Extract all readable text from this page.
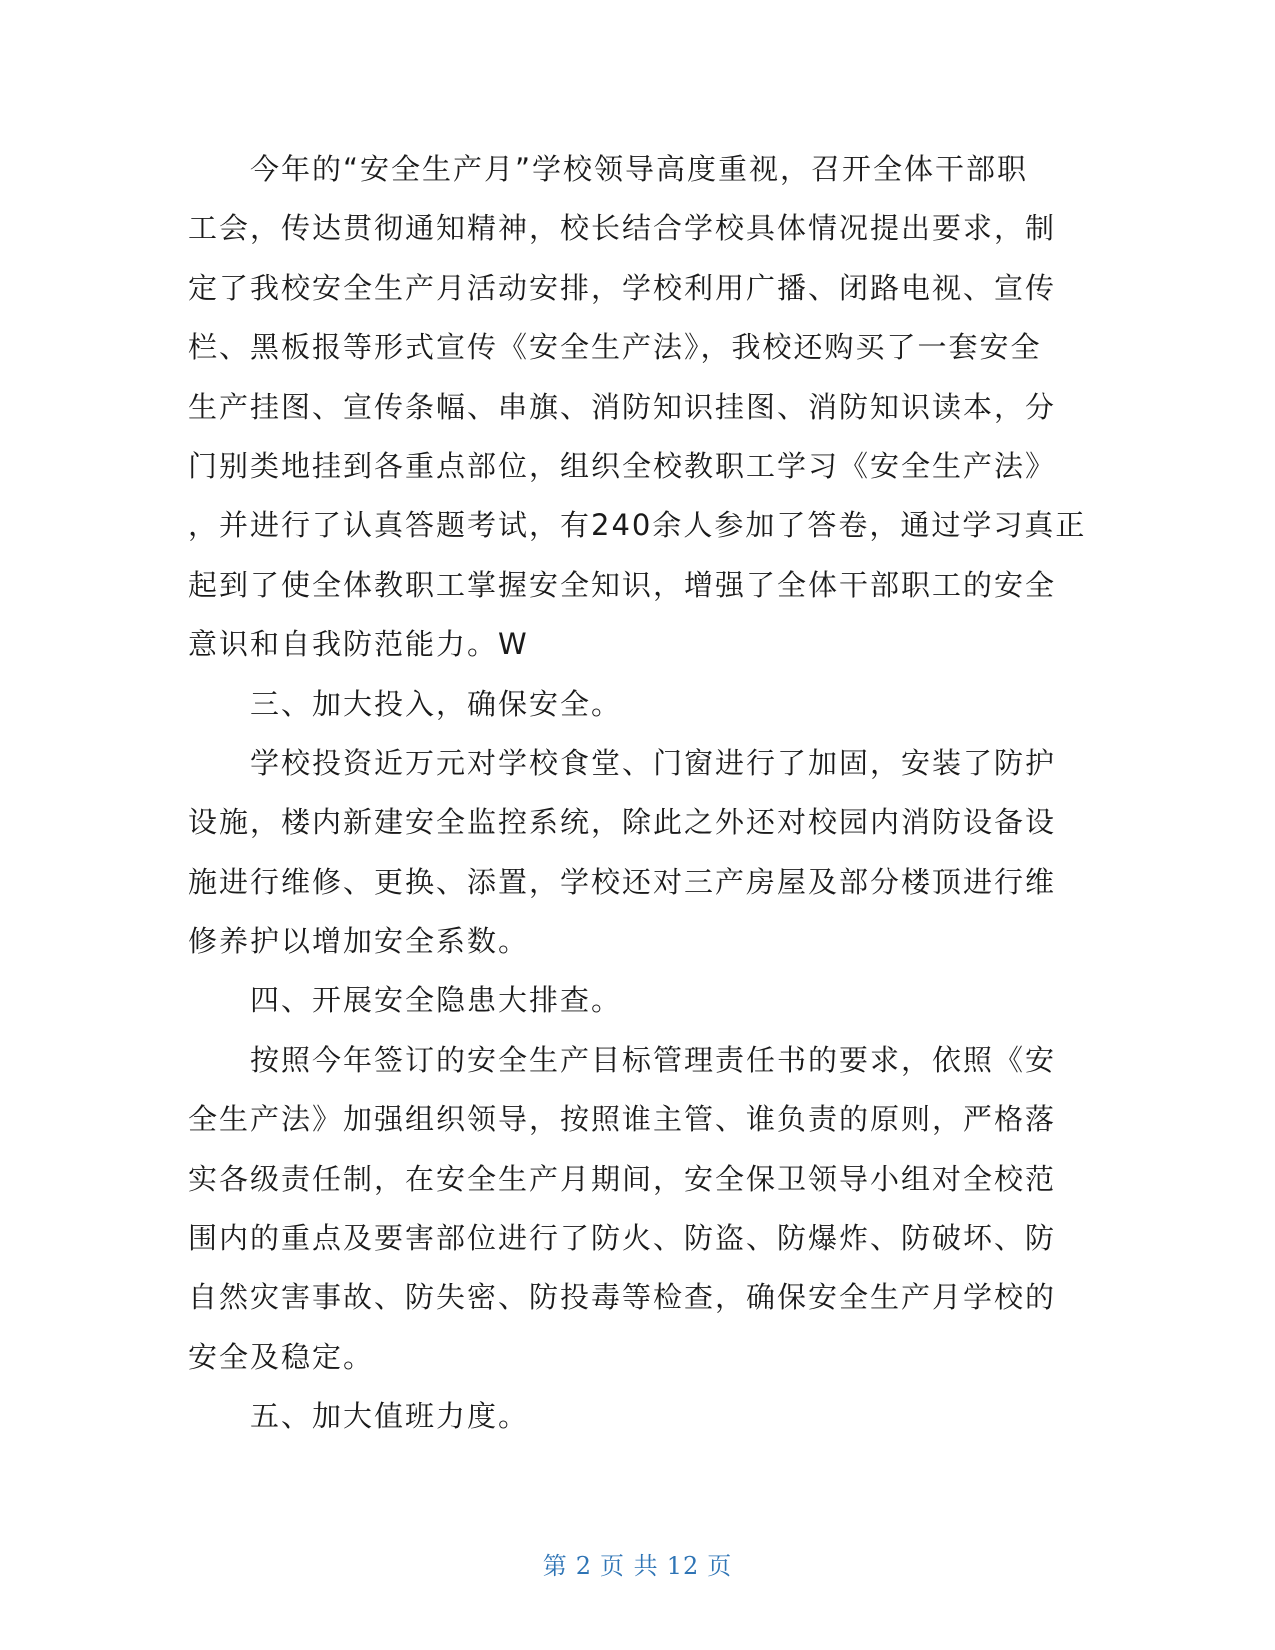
今年的“安全生产月”学校领导高度重视，召开全体干部职
工会，传达贯彻通知精神，校长结合学校具体情况提出要求，制
定了我校安全生产月活动安排，学校利用广播、闭路电视、宣传
栏、黑板报等形式宣传《安全生产法》，我校还购买了一套安全
生产挂图、宣传条幅、串旗、消防知识挂图、消防知识读本，分
门别类地挂到各重点部位，组织全校教职工学习《安全生产法》
，并进行了认真答题考试，有240余人参加了答卷，通过学习真正
起到了使全体教职工掌握安全知识，增强了全体干部职工的安全
意识和自我防范能力。W
三、加大投入，确保安全。
学校投资近万元对学校食堂、门窗进行了加固，安装了防护
设施，楼内新建安全监控系统，除此之外还对校园内消防设备设
施进行维修、更换、添置，学校还对三产房屋及部分楼顶进行维
修养护以增加安全系数。
四、开展安全隐患大排查。
按照今年签订的安全生产目标管理责任书的要求，依照《安
全生产法》加强组织领导，按照谁主管、谁负责的原则，严格落
实各级责任制，在安全生产月期间，安全保卫领导小组对全校范
围内的重点及要害部位进行了防火、防盗、防爆炸、防破坏、防
自然灾害事故、防失密、防投毒等检查，确保安全生产月学校的
安全及稳定。
五、加大值班力度。
第 2 页 共 12 页
